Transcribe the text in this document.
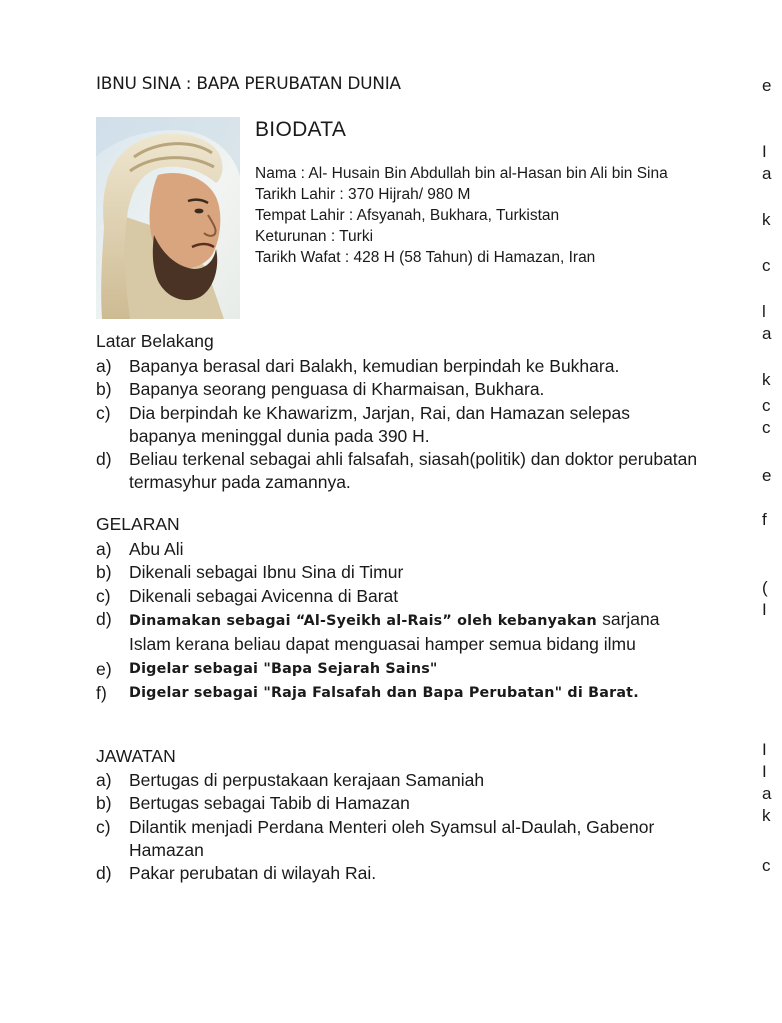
IBNU SINA : BAPA PERUBATAN DUNIA
BIODATA
Nama : Al- Husain Bin Abdullah bin al-Hasan bin Ali bin Sina
Tarikh Lahir : 370 Hijrah/ 980 M
Tempat Lahir : Afsyanah, Bukhara, Turkistan
Keturunan : Turki
Tarikh Wafat : 428 H (58 Tahun) di Hamazan, Iran
Latar Belakang
a) Bapanya berasal dari Balakh, kemudian berpindah ke Bukhara.
b) Bapanya seorang penguasa di Kharmaisan, Bukhara.
c) Dia berpindah ke Khawarizm, Jarjan, Rai, dan Hamazan selepas bapanya meninggal dunia pada 390 H.
d) Beliau terkenal sebagai ahli falsafah, siasah(politik) dan doktor perubatan termasyhur pada zamannya.
GELARAN
a) Abu Ali
b) Dikenali sebagai Ibnu Sina di Timur
c) Dikenali sebagai Avicenna di Barat
d) Dinamakan sebagai “Al-Syeikh al-Rais” oleh kebanyakan sarjana Islam kerana beliau dapat menguasai hamper semua bidang ilmu
e) Digelar sebagai "Bapa Sejarah Sains"
f) Digelar sebagai "Raja Falsafah dan Bapa Perubatan" di Barat.
JAWATAN
a) Bertugas di perpustakaan kerajaan Samaniah
b) Bertugas sebagai Tabib di Hamazan
c) Dilantik menjadi Perdana Menteri oleh Syamsul al-Daulah, Gabenor Hamazan
d) Pakar perubatan di wilayah Rai.
e
I
a
k
c
l
a
k
c
c
e
f
(
I
I
I
a
k
c
